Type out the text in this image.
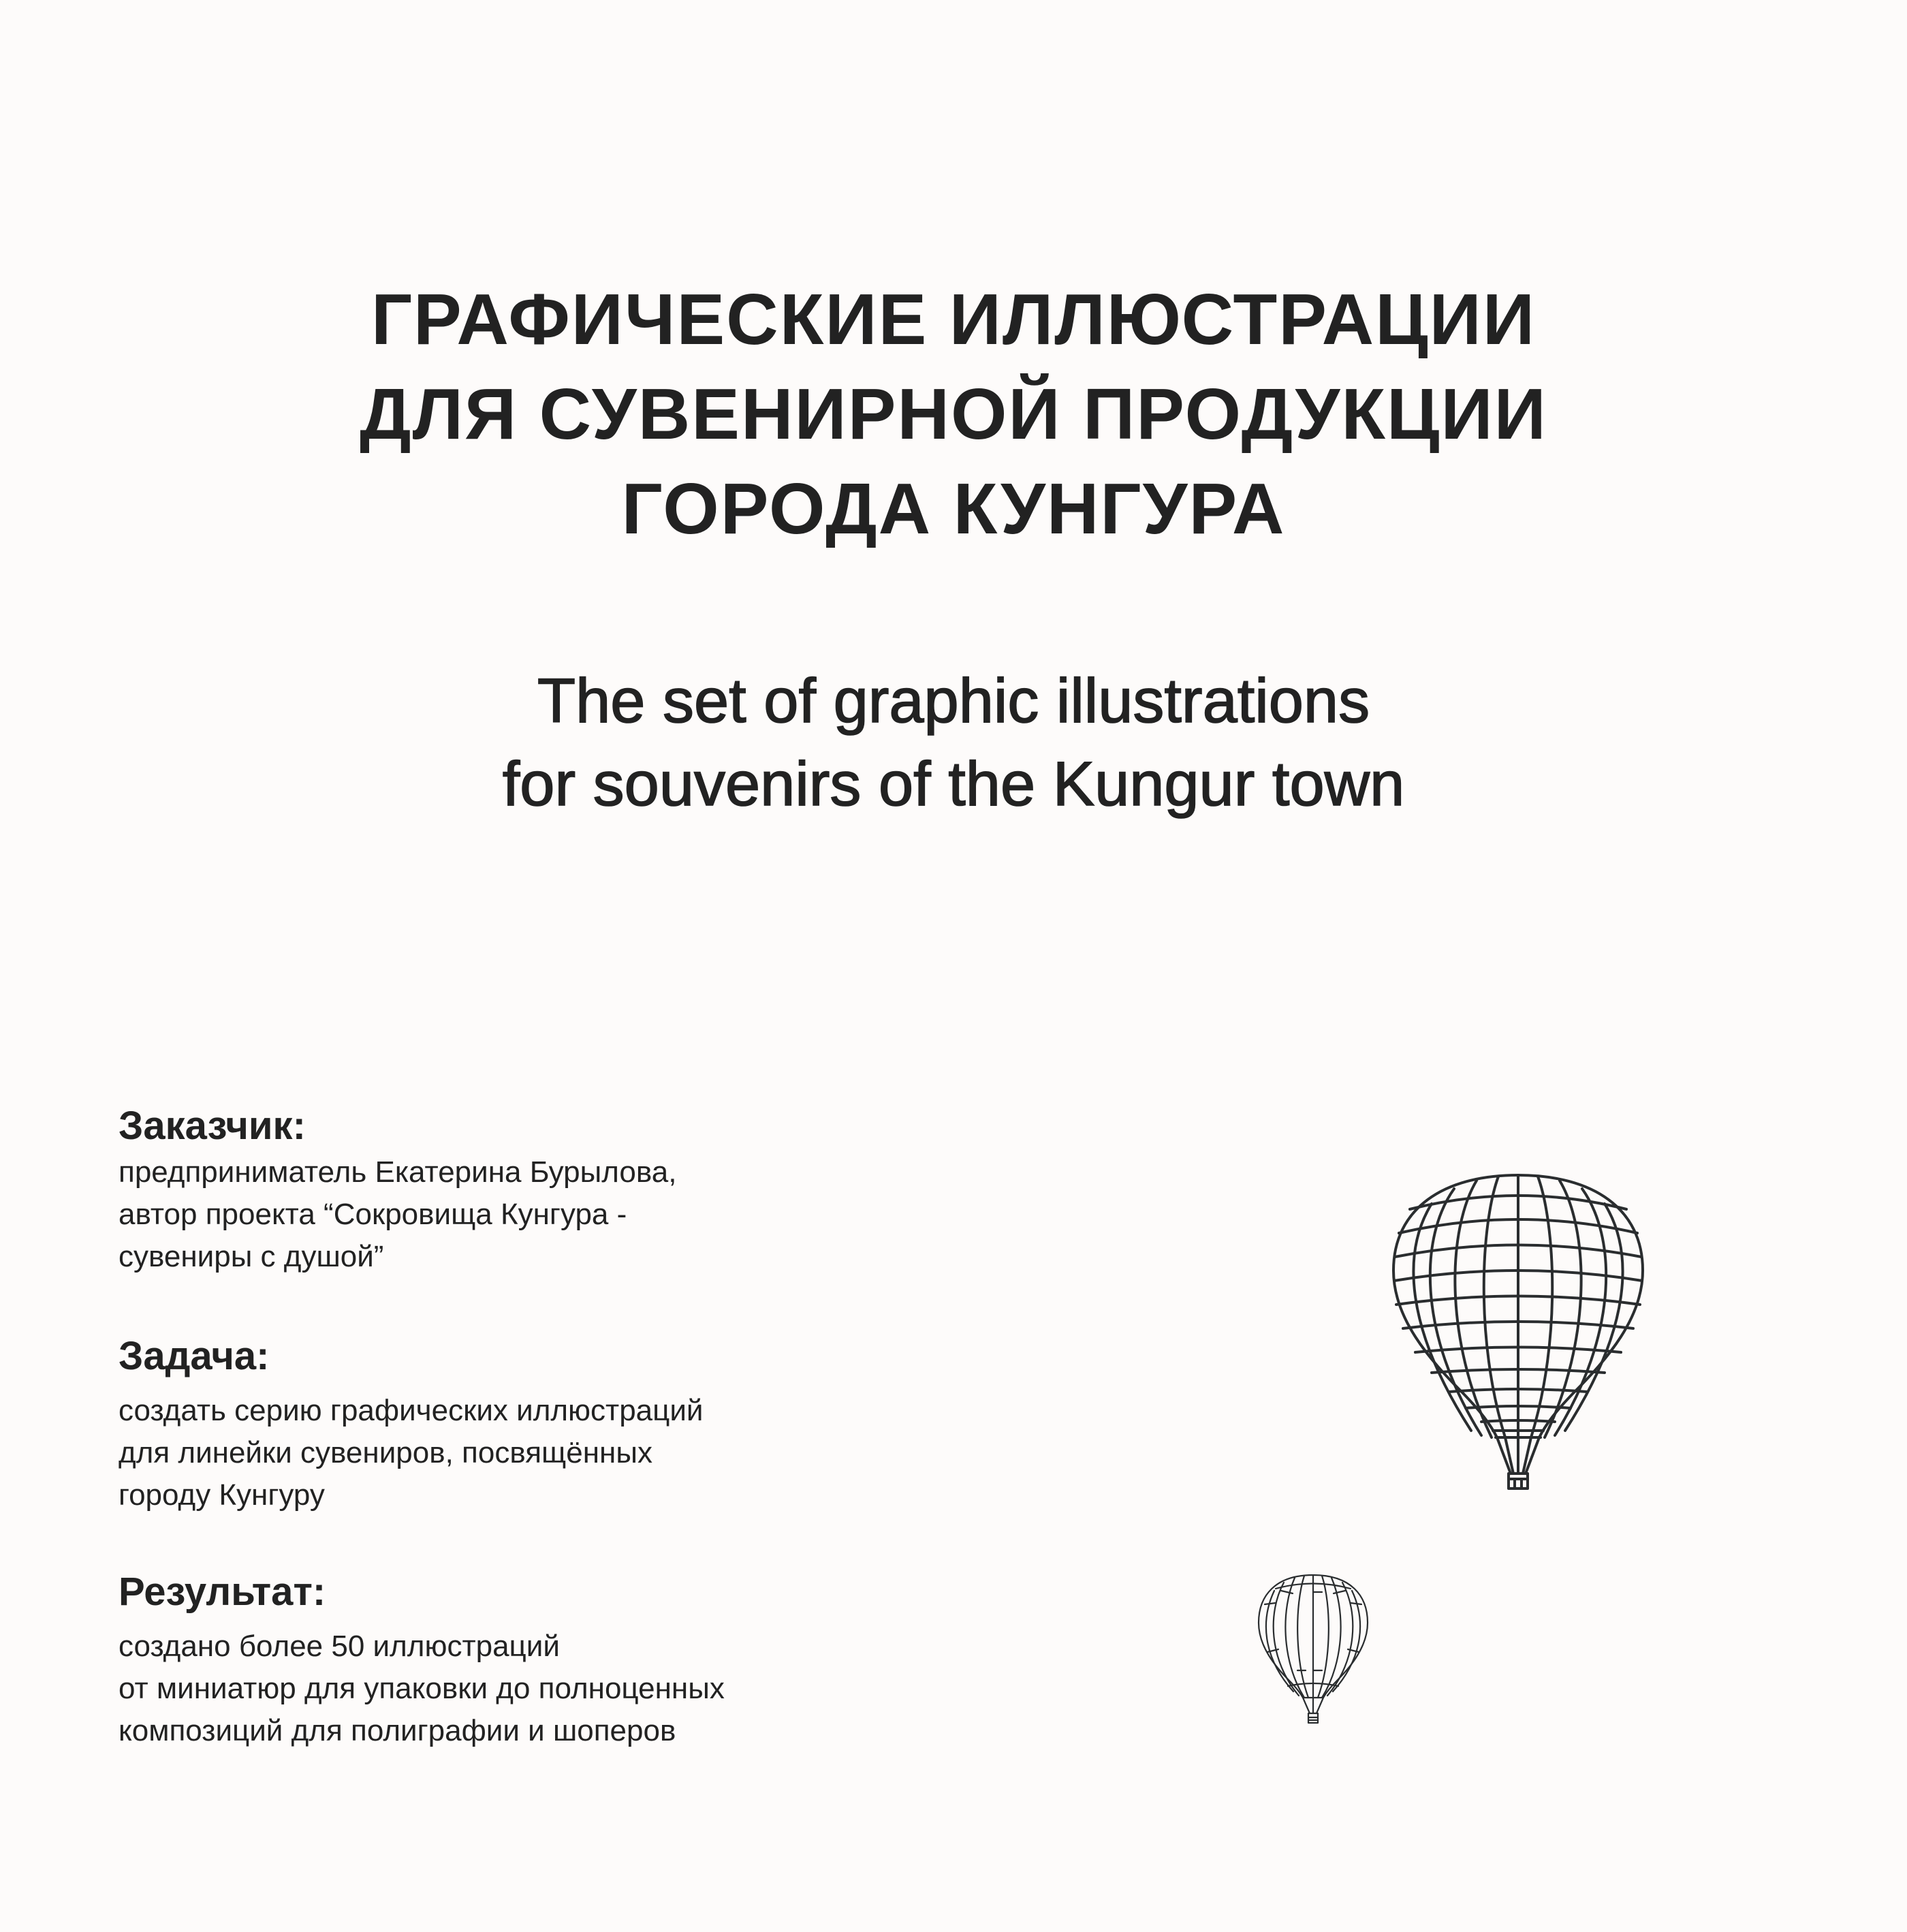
ГРАФИЧЕСКИЕ ИЛЛЮСТРАЦИИ
ДЛЯ СУВЕНИРНОЙ ПРОДУКЦИИ
ГОРОДА КУНГУРА
The set of graphic illustrations
for souvenirs of the Kungur town
Заказчик:

предприниматель Екатерина Бурылова,
автор проекта “Сокровища Кунгура -
сувениры с душой”

Задача:

создать серию графических иллюстраций
для линейки сувениров, посвящённых
городу Кунгуру

Результат:

создано более 50 иллюстраций
от миниатюр для упаковки до полноценных
композиций для полиграфии и шоперов
